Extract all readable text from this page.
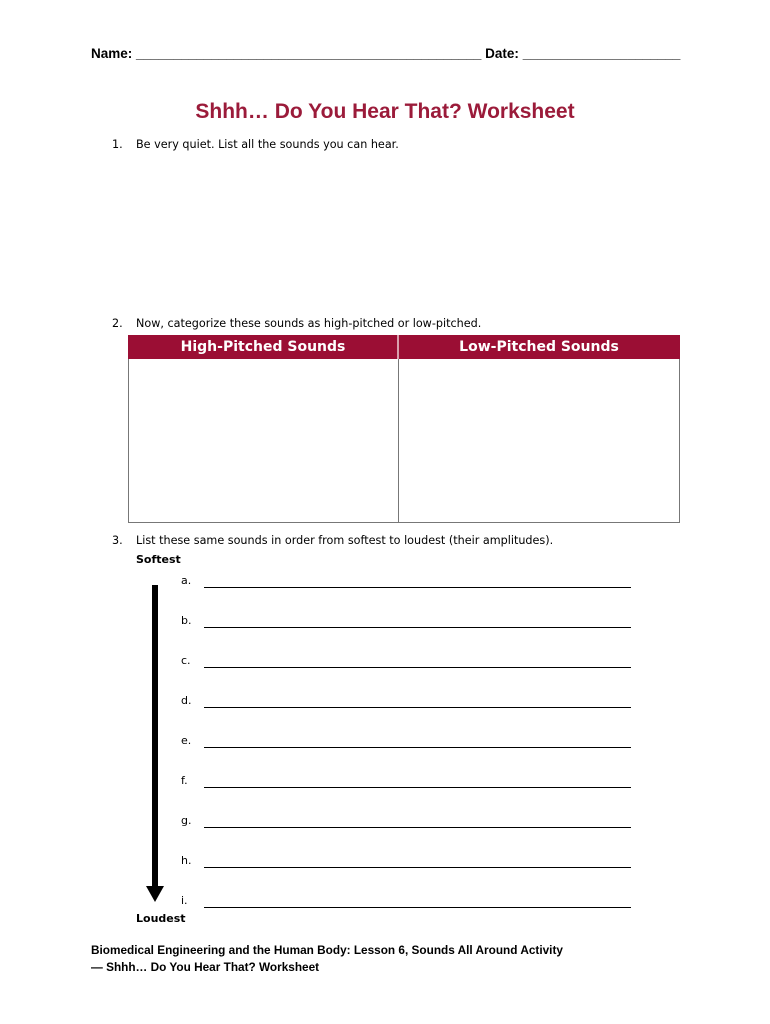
Name: ______________________________________________ Date: _____________________
Shhh… Do You Hear That? Worksheet
1. Be very quiet. List all the sounds you can hear.
2. Now, categorize these sounds as high-pitched or low-pitched.
High-Pitched Sounds	Low-Pitched Sounds

3. List these same sounds in order from softest to loudest (their amplitudes).
Softest
a.
b.
c.
d.
e.
f.
g.
h.
i.
Loudest
Biomedical Engineering and the Human Body: Lesson 6, Sounds All Around Activity
— Shhh… Do You Hear That? Worksheet
